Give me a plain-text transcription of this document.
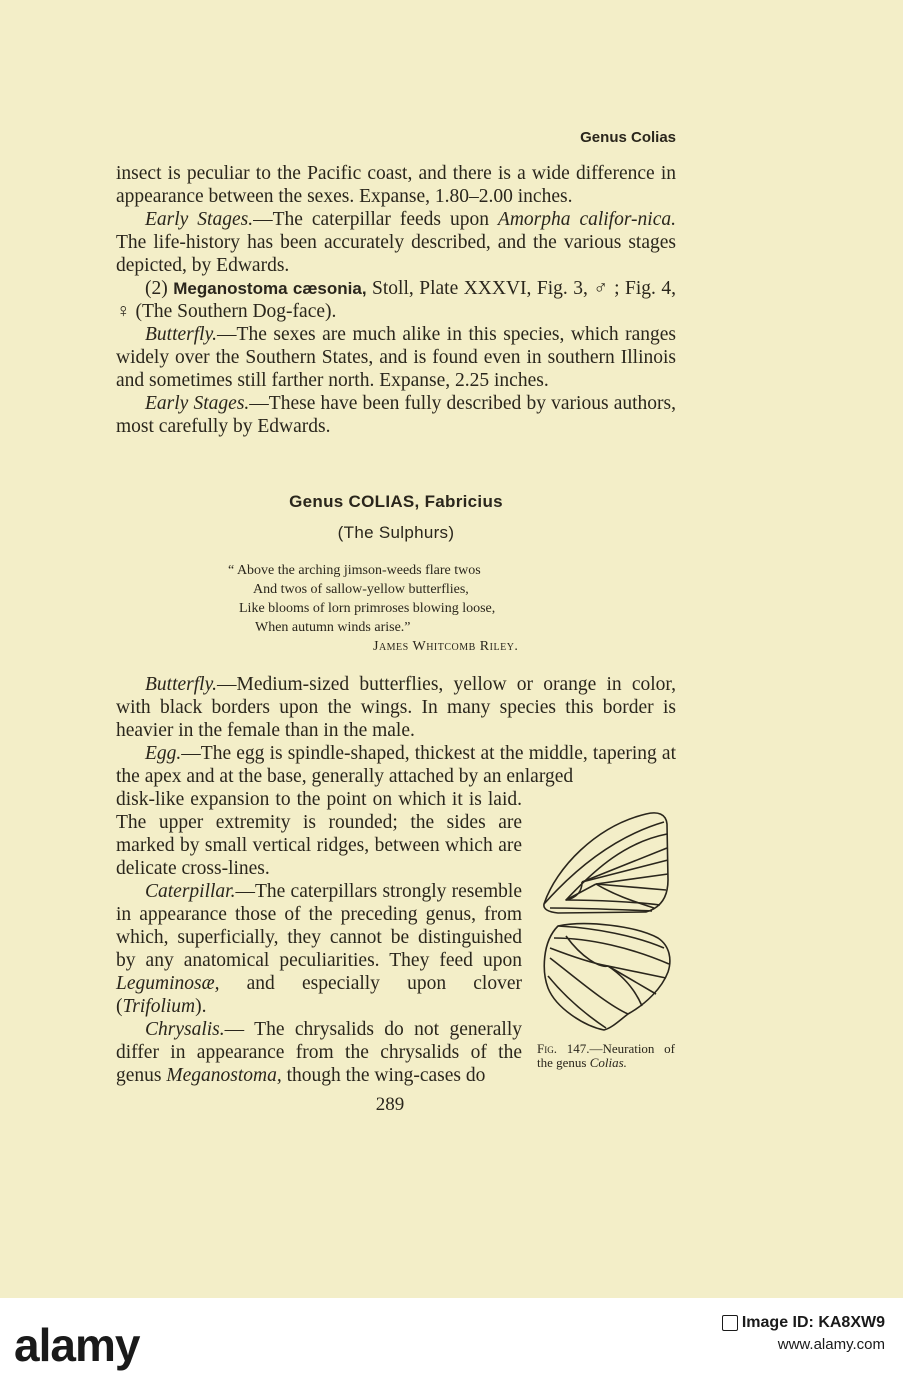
Genus Colias

insect is peculiar to the Pacific coast, and there is a wide difference in appearance between the sexes. Expanse, 1.80–2.00 inches.

Early Stages.—The caterpillar feeds upon Amorpha califor-nica. The life-history has been accurately described, and the various stages depicted, by Edwards.

(2) Meganostoma cæsonia, Stoll, Plate XXXVI, Fig. 3, ♂ ; Fig. 4, ♀ (The Southern Dog-face).

Butterfly.—The sexes are much alike in this species, which ranges widely over the Southern States, and is found even in southern Illinois and sometimes still farther north. Expanse, 2.25 inches.

Early Stages.—These have been fully described by various authors, most carefully by Edwards.

Genus COLIAS, Fabricius
(The Sulphurs)
“ Above the arching jimson-weeds flare twos
And twos of sallow-yellow butterflies,
Like blooms of lorn primroses blowing loose,
When autumn winds arise.”
James Whitcomb Riley.

Butterfly.—Medium-sized butterflies, yellow or orange in color, with black borders upon the wings. In many species this border is heavier in the female than in the male.

Egg.—The egg is spindle-shaped, thickest at the middle, tapering at the apex and at the base, generally attached by an enlarged

disk-like expansion to the point on which it is laid. The upper extremity is rounded; the sides are marked by small vertical ridges, between which are delicate cross-lines.

Caterpillar.—The caterpillars strongly resemble in appearance those of the preceding genus, from which, superficially, they cannot be distinguished by any anatomical peculiarities. They feed upon Leguminosæ, and especially upon clover (Trifolium).

Chrysalis.— The chrysalids do not generally differ in appearance from the chrysalids of the genus Meganostoma, though the wing-cases do

Fig. 147.—Neuration of the genus Colias.
289
alamy	Image ID: KA8XW9
www.alamy.com
